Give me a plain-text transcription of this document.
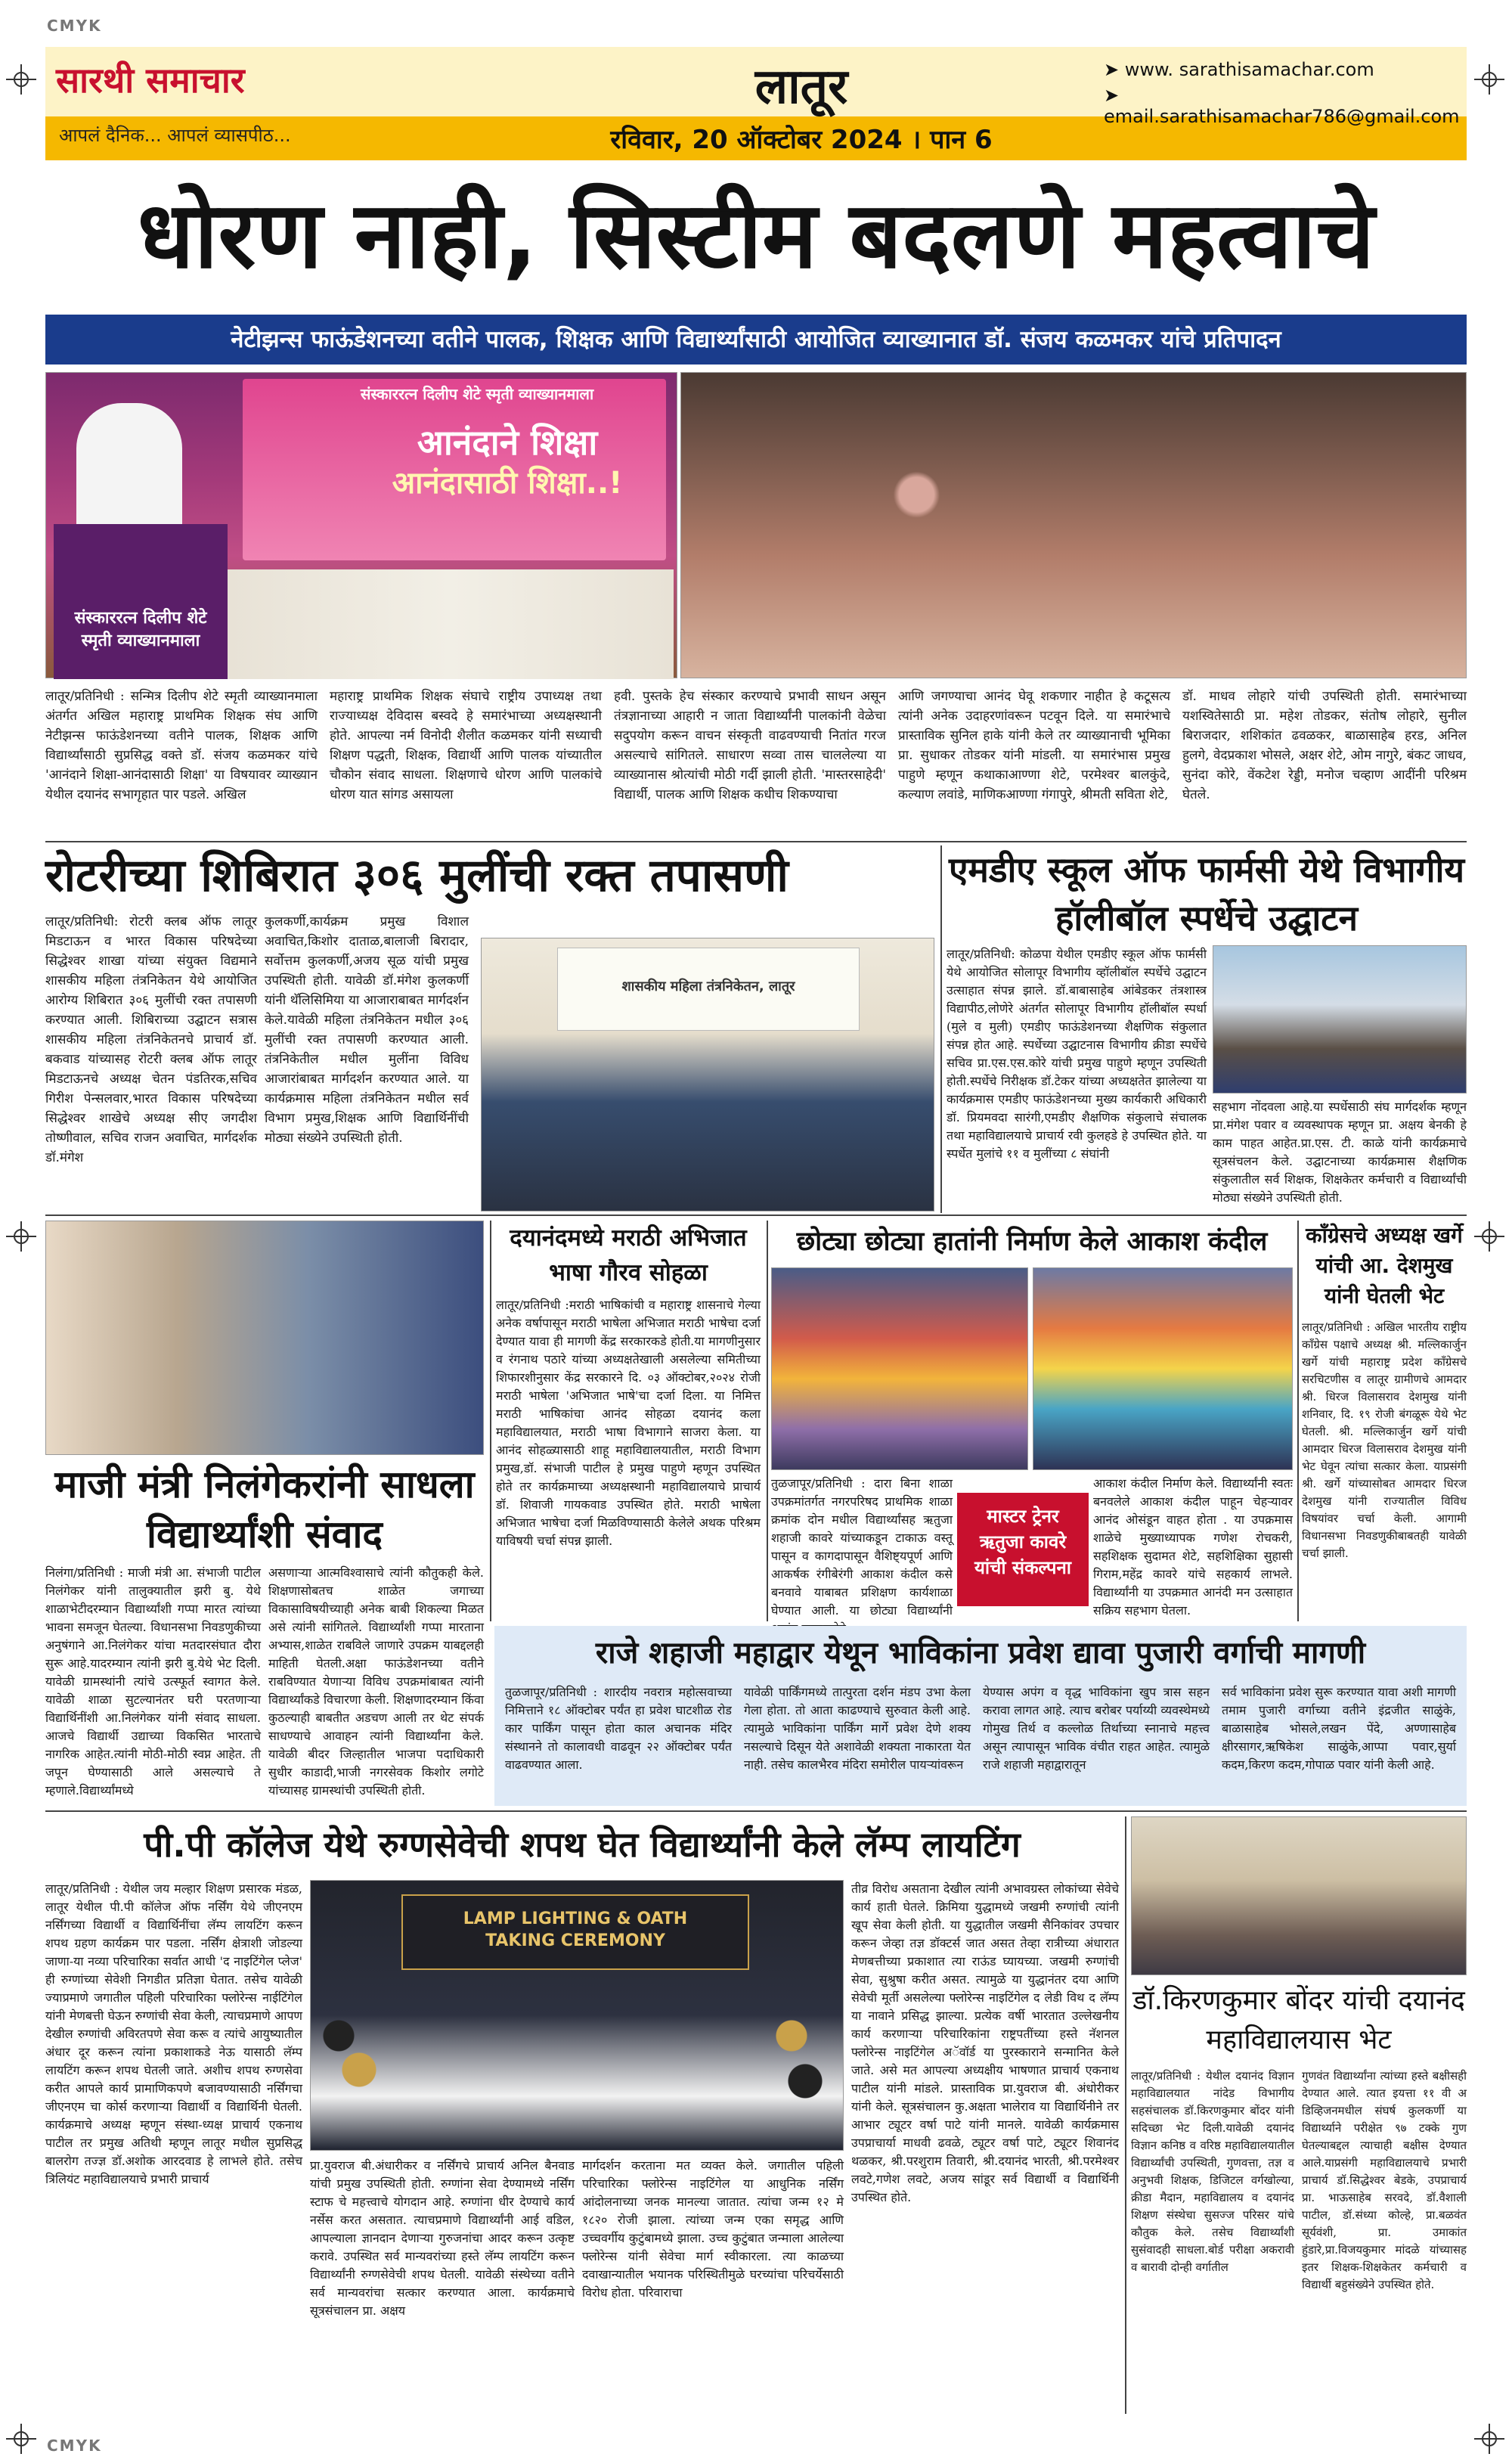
CMYK
CMYK
सारथी समाचार
आपलं दैनिक... आपलं व्यासपीठ...
लातूर
रविवार, 20 ऑक्टोबर 2024 । पान 6
➤ www. sarathisamachar.com
➤ email.sarathisamachar786@gmail.com
धोरण नाही, सिस्टीम बदलणे महत्वाचे
नेटीझन्स फाऊंडेशनच्या वतीने पालक, शिक्षक आणि विद्यार्थ्यांसाठी आयोजित व्याख्यानात डॉ. संजय कळमकर यांचे प्रतिपादन
संस्काररत्न दिलीप शेटे स्मृती व्याख्यानमाला
आनंदाने शिक्षा
आनंदासाठी शिक्षा..!
संस्काररत्न दिलीप शेटे स्मृती व्याख्यानमाला
लातूर/प्रतिनिधी : सन्मित्र दिलीप शेटे स्मृती व्याख्यानमाला अंतर्गत अखिल महाराष्ट्र प्राथमिक शिक्षक संघ आणि नेटीझन्स फाऊंडेशनच्या वतीने पालक, शिक्षक आणि विद्यार्थ्यांसाठी सुप्रसिद्ध वक्ते डॉ. संजय कळमकर यांचे 'आनंदाने शिक्षा-आनंदासाठी शिक्षा' या विषयावर व्याख्यान येथील दयानंद सभागृहात पार पडले. अखिल
महाराष्ट्र प्राथमिक शिक्षक संघाचे राष्ट्रीय उपाध्यक्ष तथा राज्याध्यक्ष देविदास बस्वदे हे समारंभाच्या अध्यक्षस्थानी होते. आपल्या नर्म विनोदी शैलीत कळमकर यांनी सध्याची शिक्षण पद्धती, शिक्षक, विद्यार्थी आणि पालक यांच्यातील चौकोन संवाद साधला. शिक्षणाचे धोरण आणि पालकांचे धोरण यात सांगड असायला
हवी. पुस्तके हेच संस्कार करण्याचे प्रभावी साधन असून तंत्रज्ञानाच्या आहारी न जाता विद्यार्थ्यांनी पालकांनी वेळेचा सदुपयोग करून वाचन संस्कृती वाढवण्याची नितांत गरज असल्याचे सांगितले. साधारण सव्वा तास चाललेल्या या व्याख्यानास श्रोत्यांची मोठी गर्दी झाली होती. 'मास्तरसाहेदी' विद्यार्थी, पालक आणि शिक्षक कधीच शिकण्याचा
आणि जगण्याचा आनंद घेवू शकणार नाहीत हे कटूसत्य त्यांनी अनेक उदाहरणांवरून पटवून दिले. या समारंभाचे प्रास्ताविक सुनिल हाके यांनी केले तर व्याख्यानाची भूमिका प्रा. सुधाकर तोडकर यांनी मांडली. या समारंभास प्रमुख पाहुणे म्हणून कथाकाआण्णा शेटे, परमेश्वर बालकुंदे, कल्याण लवांडे, माणिकआण्णा गंगापुरे, श्रीमती सविता शेटे,
डॉ. माधव लोहारे यांची उपस्थिती होती. समारंभाच्या यशस्वितेसाठी प्रा. महेश तोडकर, संतोष लोहारे, सुनील बिराजदार, शशिकांत ढवळकर, बाळासाहेब हरड, अनिल हुलगे, वेदप्रकाश भोसले, अक्षर शेटे, ओम नागुरे, बंकट जाधव, सुनंदा कोरे, वेंकटेश रेड्डी, मनोज चव्हाण आदींनी परिश्रम घेतले.
रोटरीच्या शिबिरात ३०६ मुलींची रक्त तपासणी
लातूर/प्रतिनिधी: रोटरी क्लब ऑफ लातूर मिडटाऊन व भारत विकास परिषदेच्या सिद्धेश्वर शाखा यांच्या संयुक्त विद्यमाने शासकीय महिला तंत्रनिकेतन येथे आयोजित आरोग्य शिबिरात ३०६ मुलींची रक्त तपासणी करण्यात आली. शिबिराच्या उद्घाटन सत्रास शासकीय महिला तंत्रनिकेतनचे प्राचार्य डॉ. बकवाड यांच्यासह रोटरी क्लब ऑफ लातूर मिडटाऊनचे अध्यक्ष चेतन पंडतिरक,सचिव गिरीश पेन्सलवार,भारत विकास परिषदेच्या सिद्धेश्वर शाखेचे अध्यक्ष सीए जगदीश तोष्णीवाल, सचिव राजन अवाचित, मार्गदर्शक डॉ.मंगेश
कुलकर्णी,कार्यक्रम प्रमुख विशाल अवाचित,किशोर दाताळ,बालाजी बिरादार, सर्वोत्तम कुलकर्णी,अजय सूळ यांची प्रमुख उपस्थिती होती. यावेळी डॉ.मंगेश कुलकर्णी यांनी थॅलिसिमिया या आजाराबाबत मार्गदर्शन केले.यावेळी महिला तंत्रनिकेतन मधील ३०६ मुलींची रक्त तपासणी करण्यात आली. तंत्रनिकेतील मधील मुलींना विविध आजारांबाबत मार्गदर्शन करण्यात आले. या कार्यक्रमास महिला तंत्रनिकेतन मधील सर्व विभाग प्रमुख,शिक्षक आणि विद्यार्थिनींची मोठ्या संख्येने उपस्थिती होती.
शासकीय महिला तंत्रनिकेतन, लातूर
एमडीए स्कूल ऑफ फार्मसी येथे विभागीय हॉलीबॉल स्पर्धेचे उद्घाटन
लातूर/प्रतिनिधी: कोळपा येथील एमडीए स्कूल ऑफ फार्मसी येथे आयोजित सोलापूर विभागीय व्हॉलीबॉल स्पर्धेचे उद्घाटन उत्साहात संपन्न झाले. डॉ.बाबासाहेब आंबेडकर तंत्रशास्त्र विद्यापीठ,लोणेरे अंतर्गत सोलापूर विभागीय हॉलीबॉल स्पर्धा (मुले व मुली) एमडीए फाऊंडेशनच्या शैक्षणिक संकुलात संपन्न होत आहे. स्पर्धेच्या उद्घाटनास विभागीय क्रीडा स्पर्धेचे सचिव प्रा.एस.एस.कोरे यांची प्रमुख पाहुणे म्हणून उपस्थिती होती.स्पर्धेचे निरीक्षक डॉ.टेकर यांच्या अध्यक्षतेत झालेल्या या कार्यक्रमास एमडीए फाऊंडेशनच्या मुख्य कार्यकारी अधिकारी डॉ. प्रियमवदा सारंगी,एमडीए शैक्षणिक संकुलाचे संचालक तथा महाविद्यालयाचे प्राचार्य रवी कुलहडे हे उपस्थित होते. या स्पर्धेत मुलांचे ११ व मुलींच्या ८ संघांनी
सहभाग नोंदवला आहे.या स्पर्धेसाठी संघ मार्गदर्शक म्हणून प्रा.मंगेश पवार व व्यवस्थापक म्हणून प्रा. अक्षय बेनकी हे काम पाहत आहेत.प्रा.एस. टी. काळे यांनी कार्यक्रमाचे सूत्रसंचलन केले. उद्घाटनाच्या कार्यक्रमास शैक्षणिक संकुलातील सर्व शिक्षक, शिक्षकेतर कर्मचारी व विद्यार्थ्यांची मोठ्या संख्येने उपस्थिती होती.
माजी मंत्री निलंगेकरांनी साधला विद्यार्थ्यांशी संवाद
निलंगा/प्रतिनिधी : माजी मंत्री आ. संभाजी पाटील निलंगेकर यांनी तालुक्यातील झरी बु. येथे शाळाभेटीदरम्यान विद्यार्थ्यांशी गप्पा मारत त्यांच्या भावना समजून घेतल्या. विधानसभा निवडणुकीच्या अनुषंगाने आ.निलंगेकर यांचा मतदारसंघात दौरा सुरू आहे.यादरम्यान त्यांनी झरी बु.येथे भेट दिली. यावेळी ग्रामस्थांनी त्यांचे उत्स्फूर्त स्वागत केले. यावेळी शाळा सुटल्यानंतर घरी परतणाऱ्या विद्यार्थिनींशी आ.निलंगेकर यांनी संवाद साधला. आजचे विद्यार्थी उद्याच्या विकसित भारताचे नागरिक आहेत.त्यांनी मोठी-मोठी स्वप्न आहेत. ती जपून घेण्यासाठी आले असल्याचे ते म्हणाले.विद्यार्थ्यांमध्ये
असणाऱ्या आत्मविश्वासाचे त्यांनी कौतुकही केले. शिक्षणासोबतच शाळेत जगाच्या विकासाविषयीच्याही अनेक बाबी शिकल्या मिळत असे त्यांनी सांगितले. विद्यार्थ्यांशी गप्पा मारताना अभ्यास,शाळेत राबविले जाणारे उपक्रम याबद्दलही माहिती घेतली.अक्षा फाऊंडेशनच्या वतीने राबविण्यात येणाऱ्या विविध उपक्रमांबाबत त्यांनी विद्यार्थ्यांकडे विचारणा केली. शिक्षणादरम्यान किंवा कुठल्याही बाबतीत अडचण आली तर थेट संपर्क साधण्याचे आवाहन त्यांनी विद्यार्थ्यांना केले. यावेळी बीदर जिल्हातील भाजपा पदाधिकारी सुधीर काडादी,भाजी नगरसेवक किशोर लगोटे यांच्यासह ग्रामस्थांची उपस्थिती होती.
दयानंदमध्ये मराठी अभिजात भाषा गौरव सोहळा
लातूर/प्रतिनिधी :मराठी भाषिकांची व महाराष्ट्र शासनाचे गेल्या अनेक वर्षापासून मराठी भाषेला अभिजात मराठी भाषेचा दर्जा देण्यात यावा ही मागणी केंद्र सरकारकडे होती.या मागणीनुसार व रंगनाथ पठारे यांच्या अध्यक्षतेखाली असलेल्या समितीच्या शिफारशीनुसार केंद्र सरकारने दि. ०३ ऑक्टोबर,२०२४ रोजी मराठी भाषेला 'अभिजात भाषे'चा दर्जा दिला. या निमित्त मराठी भाषिकांचा आनंद सोहळा दयानंद कला महाविद्यालयात, मराठी भाषा विभागाने साजरा केला. या आनंद सोहळ्यासाठी शाहू महाविद्यालयातील, मराठी विभाग प्रमुख,डॉ. संभाजी पाटील हे प्रमुख पाहुणे म्हणून उपस्थित होते तर कार्यक्रमाच्या अध्यक्षस्थानी महाविद्यालयाचे प्राचार्य डॉ. शिवाजी गायकवाड उपस्थित होते. मराठी भाषेला अभिजात भाषेचा दर्जा मिळविण्यासाठी केलेले अथक परिश्रम याविषयी चर्चा संपन्न झाली.
छोट्या छोट्या हातांनी निर्माण केले आकाश कंदील
तुळजापूर/प्रतिनिधी : दारा बिना शाळा उपक्रमांतर्गत नगरपरिषद प्राथमिक शाळा क्रमांक दोन मधील विद्यार्थ्यांसह ऋतुजा शहाजी कावरे यांच्याकडून टाकाऊ वस्तू पासून व कागदापासून वैशिष्ट्यपूर्ण आणि आकर्षक रंगीबेरंगी आकाश कंदील कसे बनवावे याबाबत प्रशिक्षण कार्यशाळा घेण्यात आली. या छोट्या विद्यार्थ्यांनी
मास्टर ट्रेनर ऋतुजा कावरे यांची संकल्पना
आकाश कंदील निर्माण केले. विद्यार्थ्यांनी स्वतः बनवलेले आकाश कंदील पाहून चेहऱ्यावर आनंद ओसंडून वाहत होता . या उपक्रमास शाळेचे मुख्याध्यापक गणेश रोचकरी, सहशिक्षक सुदामत शेटे, सहशिक्षिका सुहासी गिराम,महेंद्र कावरे यांचे सहकार्य लाभले. विद्यार्थ्यांनी या उपक्रमात आनंदी मन उत्साहात सक्रिय सहभाग घेतला.
कॉंग्रेसचे अध्यक्ष खर्गे यांची आ. देशमुख यांनी घेतली भेट
लातूर/प्रतिनिधी : अखिल भारतीय राष्ट्रीय कॉंग्रेस पक्षाचे अध्यक्ष श्री. मल्लिकार्जुन खर्गे यांची महाराष्ट्र प्रदेश कॉंग्रेसचे सरचिटणीस व लातूर ग्रामीणचे आमदार श्री. धिरज विलासराव देशमुख यांनी शनिवार, दि. १९ रोजी बंगळूरू येथे भेट घेतली. श्री. मल्लिकार्जुन खर्गे यांची आमदार धिरज विलासराव देशमुख यांनी भेट घेवून त्यांचा सत्कार केला. याप्रसंगी श्री. खर्गे यांच्यासोबत आमदार धिरज देशमुख यांनी राज्यातील विविध विषयांवर चर्चा केली. आगामी विधानसभा निवडणुकीबाबतही यावेळी चर्चा झाली.
राजे शहाजी महाद्वार येथून भाविकांना प्रवेश द्यावा पुजारी वर्गाची मागणी
तुळजापूर/प्रतिनिधी : शारदीय नवरात्र महोत्सवाच्या निमित्ताने १८ ऑक्टोबर पर्यंत हा प्रवेश घाटशीळ रोड कार पार्किंग पासून होता काल अचानक मंदिर संस्थानने तो कालावधी वाढवून २२ ऑक्टोबर पर्यंत वाढवण्यात आला.
यावेळी पार्किंगमध्ये तात्पुरता दर्शन मंडप उभा केला गेला होता. तो आता काढण्याचे सुरुवात केली आहे. त्यामुळे भाविकांना पार्किंग मार्गे प्रवेश देणे शक्य नसल्याचे दिसून येते अशावेळी शक्यता नाकारता येत नाही. तसेच कालभैरव मंदिरा समोरील पायऱ्यांवरून
येण्यास अपंग व वृद्ध भाविकांना खुप त्रास सहन करावा लागत आहे. त्याच बरोबर पर्याय्यी व्यवस्थेमध्ये गोमुख तिर्थ व कल्लोळ तिर्थाच्या स्नानाचे महत्त्व असून त्यापासून भाविक वंचीत राहत आहेत. त्यामुळे राजे शहाजी महाद्वारातून
सर्व भाविकांना प्रवेश सुरू करण्यात यावा अशी मागणी तमाम पुजारी वर्गाच्या वतीने इंद्रजीत साळुंके, बाळासाहेब भोसले,लखन पेंदे, अण्णासाहेब क्षीरसागर,ऋषिकेश साळुंके,आप्पा पवार,सुर्या कदम,किरण कदम,गोपाळ पवार यांनी केली आहे.
पी.पी कॉलेज येथे रुग्णसेवेची शपथ घेत विद्यार्थ्यांनी केले लॅम्प लायटिंग
लातूर/प्रतिनिधी : येथील जय मल्हार शिक्षण प्रसारक मंडळ, लातूर येथील पी.पी कॉलेज ऑफ नर्सिंग येथे जीएनएम नर्सिंगच्या विद्यार्थी व विद्यार्थिनींचा लॅम्प लायटिंग करून शपथ ग्रहण कार्यक्रम पार पडला. नर्सिंग क्षेत्राशी जोडल्या जाणा-या नव्या परिचारिका सर्वात आधी 'द नाइटिंगेल प्लेज' ही रुग्णांच्या सेवेशी निगडीत प्रतिज्ञा घेतात. तसेच यावेळी ज्याप्रमाणे जगातील पहिली परिचारिका फ्लोरेन्स नाईटिंगेल यांनी मेणबत्ती घेऊन रुग्णांची सेवा केली, त्याचप्रमाणे आपण देखील रुग्णांची अविरतपणे सेवा करू व त्यांचे आयुष्यातील अंधार दूर करून त्यांना प्रकाशाकडे नेऊ यासाठी लॅम्प लायटिंग करून शपथ घेतली जाते. अशीच शपथ रुग्णसेवा करीत आपले कार्य प्रामाणिकपणे बजावण्यासाठी नर्सिंगचा जीएनएम चा कोर्स करणाऱ्या विद्यार्थी व विद्यार्थिनी घेतली. कार्यक्रमाचे अध्यक्ष म्हणून संस्था-ध्यक्ष प्राचार्य एकनाथ पाटील तर प्रमुख अतिथी म्हणून लातूर मधील सुप्रसिद्ध बालरोग तज्ज्ञ डॉ.अशोक आरदवाड हे लाभले होते. तसेच त्रिलियंट महाविद्यालयाचे प्रभारी प्राचार्य
LAMP LIGHTING & OATH
TAKING CEREMONY
प्रा.युवराज बी.अंधारीकर व नर्सिंगचे प्राचार्य अनिल बैनवाड यांची प्रमुख उपस्थिती होती. रुग्णांना सेवा देण्यामध्ये नर्सिंग स्टाफ चे महत्त्वाचे योगदान आहे. रुग्णांना धीर देण्याचे कार्य नर्सेस करत असतात. त्याचप्रमाणे विद्यार्थ्यांनी आई वडिल, आपल्याला ज्ञानदान देणाऱ्या गुरुजनांचा आदर करून उत्कृष्ट करावे. उपस्थित सर्व मान्यवरांच्या हस्ते लॅम्प लायटिंग करून विद्यार्थ्यांनी रुग्णसेवेची शपथ घेतली. यावेळी संस्थेच्या वतीने सर्व मान्यवरांचा सत्कार करण्यात आला. कार्यक्रमाचे सूत्रसंचालन प्रा. अक्षय
मार्गदर्शन करताना मत व्यक्त केले. जगातील पहिली परिचारिका फ्लोरेन्स नाइटिंगेल या आधुनिक नर्सिंग आंदोलनाच्या जनक मानल्या जातात. त्यांचा जन्म १२ मे १८२० रोजी झाला. त्यांच्या जन्म एका समृद्ध आणि उच्चवर्गीय कुटुंबामध्ये झाला. उच्च कुटुंबात जन्माला आलेल्या फ्लोरेन्स यांनी सेवेचा मार्ग स्वीकारला. त्या काळच्या दवाखान्यातील भयानक परिस्थितीमुळे घरच्यांचा परिचर्येसाठी विरोध होता. परिवाराचा
तीव्र विरोध असताना देखील त्यांनी अभावग्रस्त लोकांच्या सेवेचे कार्य हाती घेतले. क्रिमिया युद्धामध्ये जखमी रुग्णांची त्यांनी खूप सेवा केली होती. या युद्धातील जखमी सैनिकांवर उपचार करून जेव्हा तज्ञ डॉक्टर्स जात असत तेव्हा रात्रीच्या अंधारात मेणबत्तीच्या प्रकाशात त्या राऊंड घ्यायच्या. जखमी रुग्णांची सेवा, सुश्रुषा करीत असत. त्यामुळे या युद्धानंतर दया आणि सेवेची मूर्ती असलेल्या फ्लोरेन्स नाइटिंगेल द लेडी विथ द लॅम्प या नावाने प्रसिद्ध झाल्या. प्रत्येक वर्षी भारतात उल्लेखनीय कार्य करणाऱ्या परिचारिकांना राष्ट्रपतींच्या हस्ते नॅशनल फ्लोरेन्स नाइटिंगेल अॅवॉर्ड या पुरस्काराने सन्मानित केले जाते. असे मत आपल्या अध्यक्षीय भाषणात प्राचार्य एकनाथ पाटील यांनी मांडले. प्रास्ताविक प्रा.युवराज बी. अंधोरीकर यांनी केले. सूत्रसंचालन कु.अक्षता भालेराव या विद्यार्थिनीने तर आभार ट्यूटर वर्षा पाटे यांनी मानले. यावेळी कार्यक्रमास उपप्राचार्या माधवी ढवळे, ट्यूटर वर्षा पाटे, ट्यूटर शिवानंद थळकर, श्री.परशुराम तिवारी, श्री.दयानंद भारती, श्री.परमेश्वर लवटे,गणेश लवटे, अजय सांडूर सर्व विद्यार्थी व विद्यार्थिनी उपस्थित होते.
डॉ.किरणकुमार बोंदर यांची दयानंद महाविद्यालयास भेट
लातूर/प्रतिनिधी : येथील दयानंद विज्ञान महाविद्यालयात नांदेड विभागीय सहसंचालक डॉ.किरणकुमार बोंदर यांनी सदिच्छा भेट दिली.यावेळी दयानंद विज्ञान कनिष्ठ व वरिष्ठ महाविद्यालयातील विद्यार्थ्यांची उपस्थिती, गुणवत्ता, तज्ञ व अनुभवी शिक्षक, डिजिटल वर्गखोल्या, क्रीडा मैदान, महाविद्यालय व दयानंद शिक्षण संस्थेचा सुसज्ज परिसर यांचे कौतुक केले. तसेच विद्यार्थ्यांशी सुसंवादही साधला.बोर्ड परीक्षा अकरावी व बारावी दोन्ही वर्गातील
गुणवंत विद्यार्थ्यांना त्यांच्या हस्ते बक्षीसही देण्यात आले. त्यात इयत्ता ११ वी अ डिव्हिजनमधील संघर्ष कुलकर्णी या विद्यार्थ्याने परीक्षेत ९७ टक्के गुण घेतल्याबद्दल त्याचाही बक्षीस देण्यात आले.याप्रसंगी महाविद्यालयाचे प्रभारी प्राचार्य डॉ.सिद्धेश्वर बेडके, उपप्राचार्य प्रा. भाऊसाहेब सरवदे, डॉ.वैशाली पाटील, डॉ.संध्या कोल्हे, प्रा.बळवंत सूर्यवंशी, प्रा. उमाकांत हुंडारे,प्रा.विजयकुमार मांदळे यांच्यासह इतर शिक्षक-शिक्षकेतर कर्मचारी व विद्यार्थी बहुसंख्येने उपस्थित होते.
